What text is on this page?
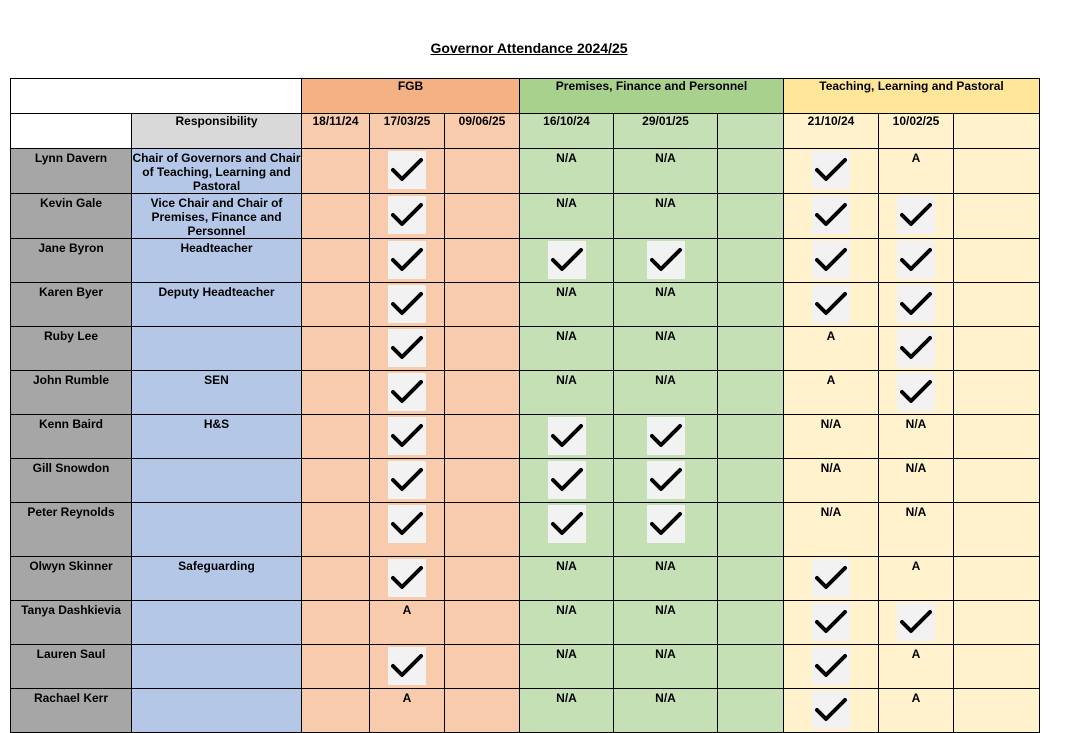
Governor Attendance 2024/25
		FGB			Premises, Finance and Personnel			Teaching, Learning and Pastoral		
	Responsibility	18/11/24	17/03/25	09/06/25	16/10/24	29/01/25		21/10/24	10/02/25	

Lynn Davern	Chair of Governors and Chair of Teaching, Learning and Pastoral				N/A	N/A			A	

Kevin Gale	Vice Chair and Chair of Premises, Finance and Personnel				N/A	N/A

Jane Byron	Headteacher

Karen Byer	Deputy Headteacher				N/A	N/A

Ruby Lee					N/A	N/A		A

John Rumble	SEN				N/A	N/A		A

Kenn Baird	H&S							N/A	N/A	

Gill Snowdon								N/A	N/A	

Peter Reynolds								N/A	N/A	

Olwyn Skinner	Safeguarding				N/A	N/A			A	

Tanya Dashkievia			A		N/A	N/A

Lauren Saul					N/A	N/A			A	

Rachael Kerr			A		N/A	N/A			A	
